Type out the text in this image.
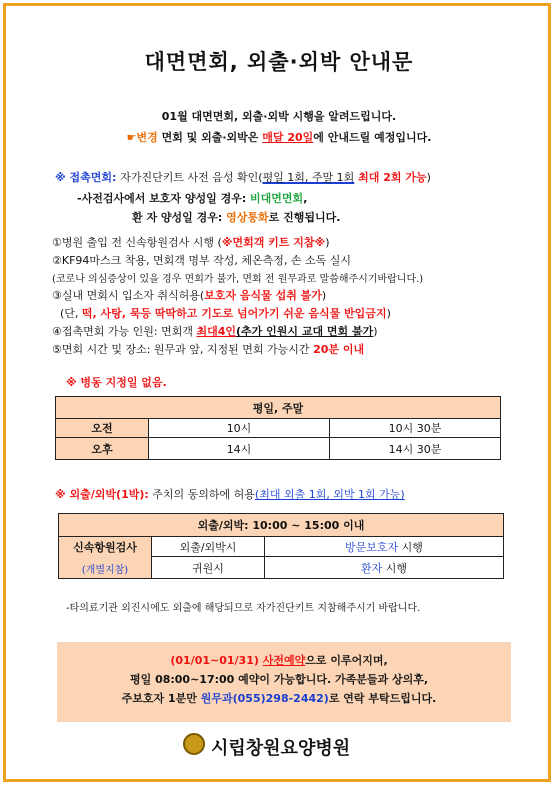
대면면회, 외출·외박 안내문
01월 대면면회, 외출·외박 시행을 알려드립니다.
☛변경 면회 및 외출·외박은 매달 20일에 안내드릴 예정입니다.
※ 접촉면회: 자가진단키트 사전 음성 확인(평일 1회, 주말 1회 최대 2회 가능)
-사전검사에서 보호자 양성일 경우: 비대면면회,
환 자 양성일 경우: 영상통화로 진행됩니다.
①병원 출입 전 신속항원검사 시행 (※면회객 키트 지참※)
②KF94마스크 착용, 면회객 명부 작성, 체온측정, 손 소독 실시
(코로나 의심증상이 있을 경우 면회가 불가, 면회 전 원무과로 말씀해주시기바랍니다.)
③실내 면회시 입소자 취식허용(보호자 음식물 섭취 불가)
(단, 떡, 사탕, 묵등 딱딱하고 기도로 넘어가기 쉬운 음식물 반입금지)
④접촉면회 가능 인원: 면회객 최대4인(추가 인원시 교대 면회 불가)
⑤면회 시간 및 장소: 원무과 앞, 지정된 면회 가능시간 20분 이내
※ 병동 지정일 없음.
평일, 주말		
오전	10시	10시 30분
오후	14시	14시 30분
※ 외출/외박(1박): 주치의 동의하에 허용(최대 외출 1회, 외박 1회 가능)
외출/외박: 10:00 ~ 15:00 이내		

신속항원검사
(개별지참)	외출/외박시	방문보호자 시행
	귀원시	환자 시행
-타의료기관 외진시에도 외출에 해당되므로 자가진단키트 지참해주시기 바랍니다.
(01/01~01/31) 사전예약으로 이루어지며,
평일 08:00~17:00 예약이 가능합니다. 가족분들과 상의후,
주보호자 1분만 원무과(055)298-2442)로 연락 부탁드립니다.
시립창원요양병원
